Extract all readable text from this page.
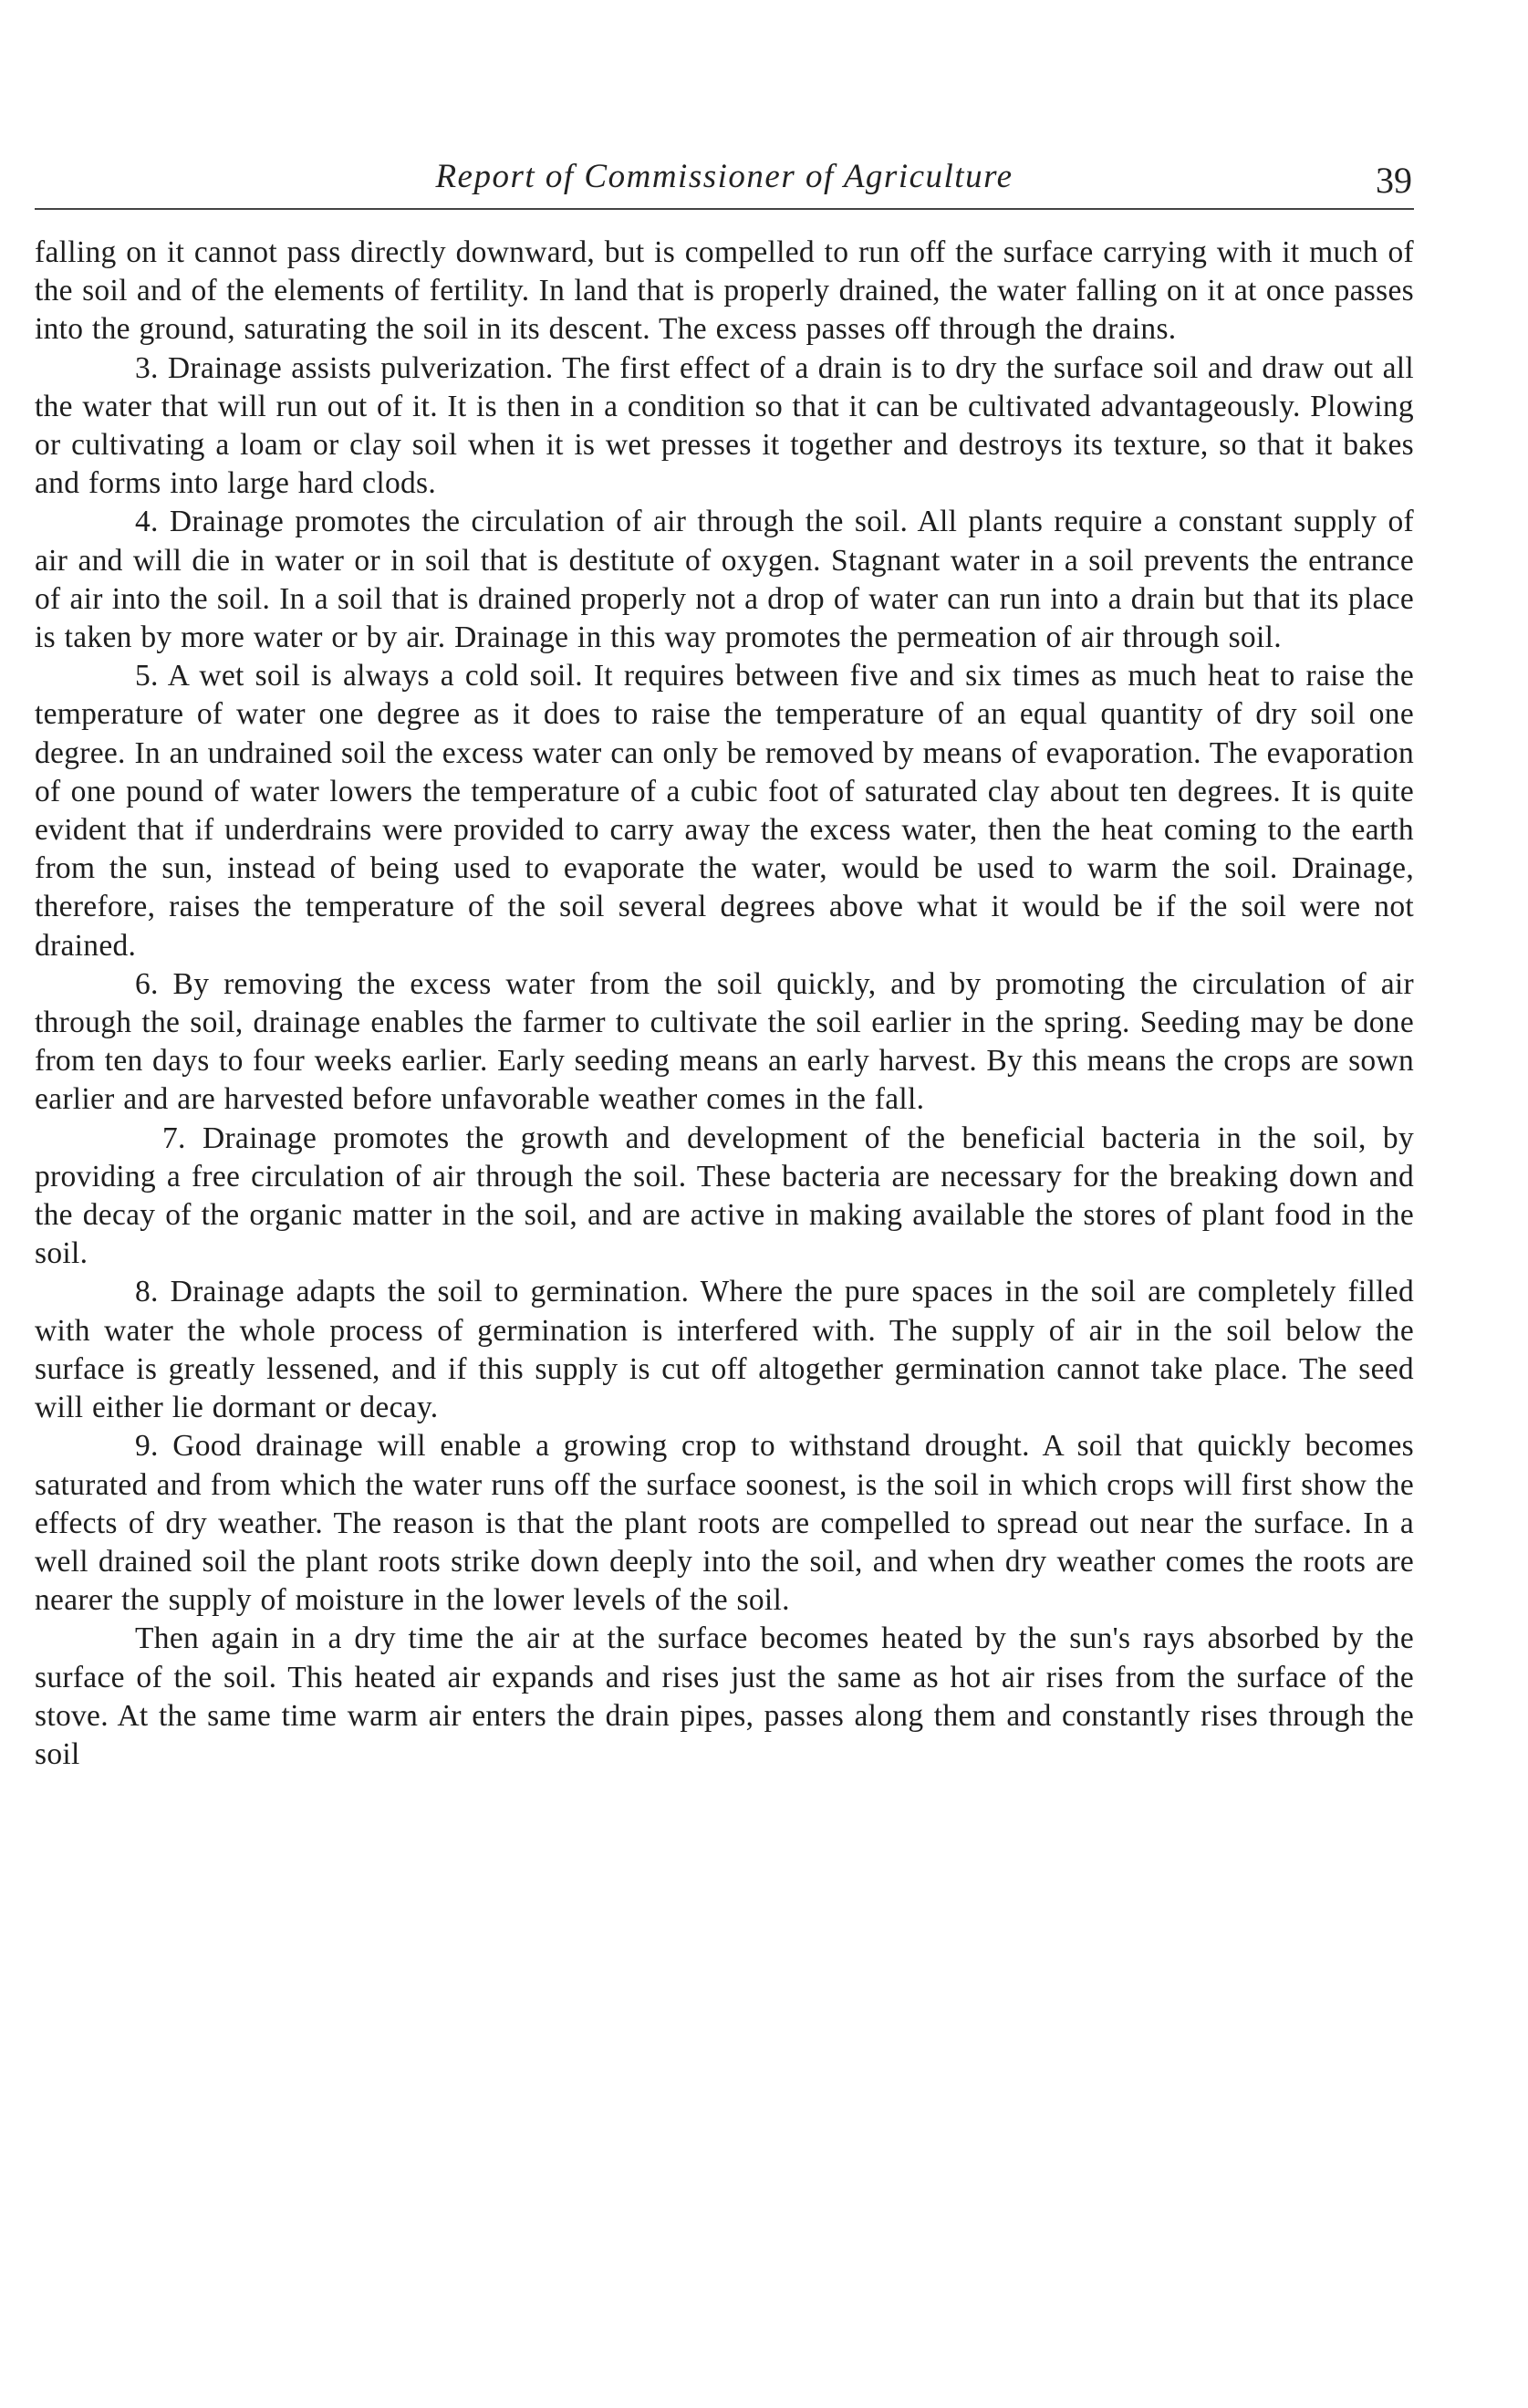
Report of Commissioner of Agriculture	39

falling on it cannot pass directly downward, but is compelled to run off the surface carrying with it much of the soil and of the elements of fertility. In land that is properly drained, the water falling on it at once passes into the ground, saturating the soil in its descent. The excess passes off through the drains.

3. Drainage assists pulverization. The first effect of a drain is to dry the surface soil and draw out all the water that will run out of it. It is then in a condition so that it can be cultivated advantageously. Plowing or cultivating a loam or clay soil when it is wet presses it together and destroys its texture, so that it bakes and forms into large hard clods.

4. Drainage promotes the circulation of air through the soil. All plants require a constant supply of air and will die in water or in soil that is destitute of oxygen. Stagnant water in a soil prevents the entrance of air into the soil. In a soil that is drained properly not a drop of water can run into a drain but that its place is taken by more water or by air. Drainage in this way promotes the permeation of air through soil.

5. A wet soil is always a cold soil. It requires between five and six times as much heat to raise the temperature of water one degree as it does to raise the temperature of an equal quantity of dry soil one degree. In an undrained soil the excess water can only be removed by means of evaporation. The evaporation of one pound of water lowers the temperature of a cubic foot of saturated clay about ten degrees. It is quite evident that if underdrains were provided to carry away the excess water, then the heat coming to the earth from the sun, instead of being used to evaporate the water, would be used to warm the soil. Drainage, therefore, raises the temperature of the soil several degrees above what it would be if the soil were not drained.

6. By removing the excess water from the soil quickly, and by promoting the circulation of air through the soil, drainage enables the farmer to cultivate the soil earlier in the spring. Seeding may be done from ten days to four weeks earlier. Early seeding means an early harvest. By this means the crops are sown earlier and are harvested before unfavorable weather comes in the fall.

7. Drainage promotes the growth and development of the beneficial bacteria in the soil, by providing a free circulation of air through the soil. These bacteria are necessary for the breaking down and the decay of the organic matter in the soil, and are active in making available the stores of plant food in the soil.

8. Drainage adapts the soil to germination. Where the pure spaces in the soil are completely filled with water the whole process of germination is interfered with. The supply of air in the soil below the surface is greatly lessened, and if this supply is cut off altogether germination cannot take place. The seed will either lie dormant or decay.

9. Good drainage will enable a growing crop to withstand drought. A soil that quickly becomes saturated and from which the water runs off the surface soonest, is the soil in which crops will first show the effects of dry weather. The reason is that the plant roots are compelled to spread out near the surface. In a well drained soil the plant roots strike down deeply into the soil, and when dry weather comes the roots are nearer the supply of moisture in the lower levels of the soil.

Then again in a dry time the air at the surface becomes heated by the sun's rays absorbed by the surface of the soil. This heated air expands and rises just the same as hot air rises from the surface of the stove. At the same time warm air enters the drain pipes, passes along them and constantly rises through the soil
